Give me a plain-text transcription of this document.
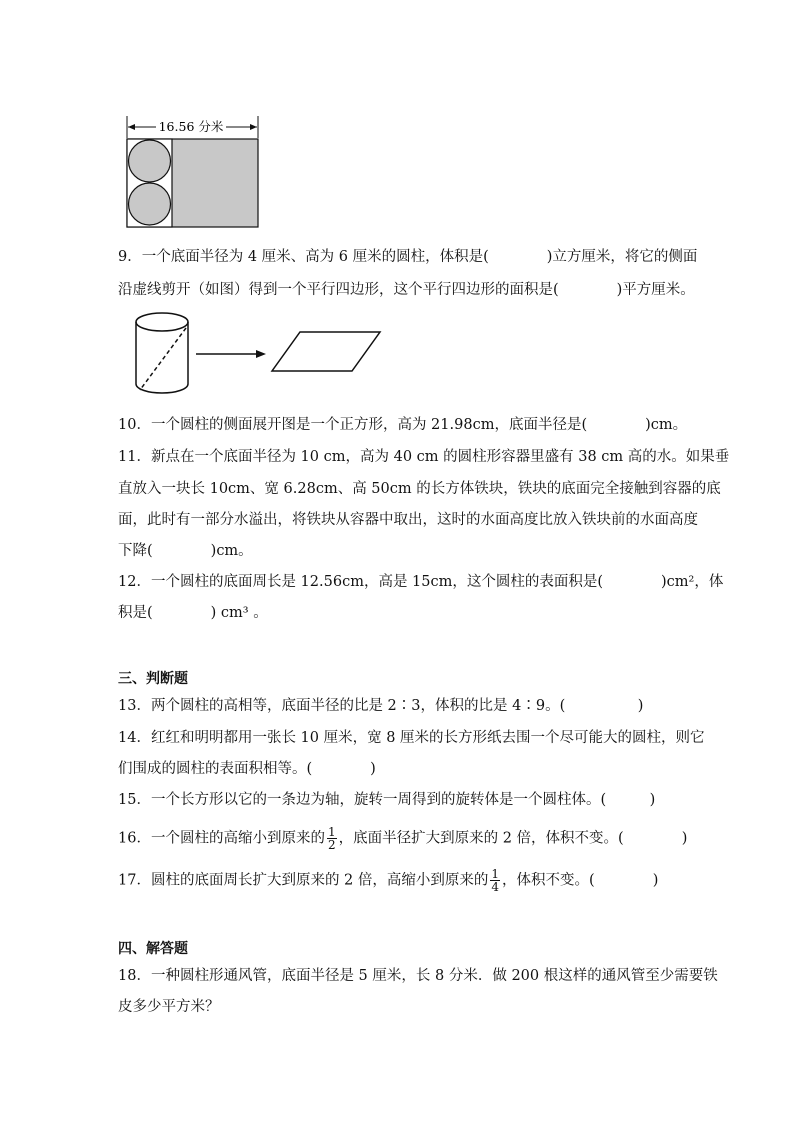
16.56 分米
9．一个底面半径为 4 厘米、高为 6 厘米的圆柱，体积是(　　　　)立方厘米，将它的侧面
沿虚线剪开（如图）得到一个平行四边形，这个平行四边形的面积是(　　　　)平方厘米。
10．一个圆柱的侧面展开图是一个正方形，高为 21.98cm，底面半径是(　　　　)cm。
11．新点在一个底面半径为 10 cm，高为 40 cm 的圆柱形容器里盛有 38 cm 高的水。如果垂
直放入一块长 10cm、宽 6.28cm、高 50cm 的长方体铁块，铁块的底面完全接触到容器的底
面，此时有一部分水溢出，将铁块从容器中取出，这时的水面高度比放入铁块前的水面高度
下降(　　　　)cm。
12．一个圆柱的底面周长是 12.56cm，高是 15cm，这个圆柱的表面积是(　　　　)cm²，体
积是(　　　　) cm³ 。
三、判断题
13．两个圆柱的高相等，底面半径的比是 2∶3，体积的比是 4∶9。(　　　　　)
14．红红和明明都用一张长 10 厘米，宽 8 厘米的长方形纸去围一个尽可能大的圆柱，则它
们围成的圆柱的表面积相等。(　　　　)
15．一个长方形以它的一条边为轴，旋转一周得到的旋转体是一个圆柱体。(　　　)
16．一个圆柱的高缩小到原来的 $\frac{1}{2}$ ，底面半径扩大到原来的 2 倍，体积不变。(　　　　)
17．圆柱的底面周长扩大到原来的 2 倍，高缩小到原来的 $\frac{1}{4}$ ，体积不变。(　　　　)
四、解答题
18．一种圆柱形通风管，底面半径是 5 厘米，长 8 分米．做 200 根这样的通风管至少需要铁
皮多少平方米？
